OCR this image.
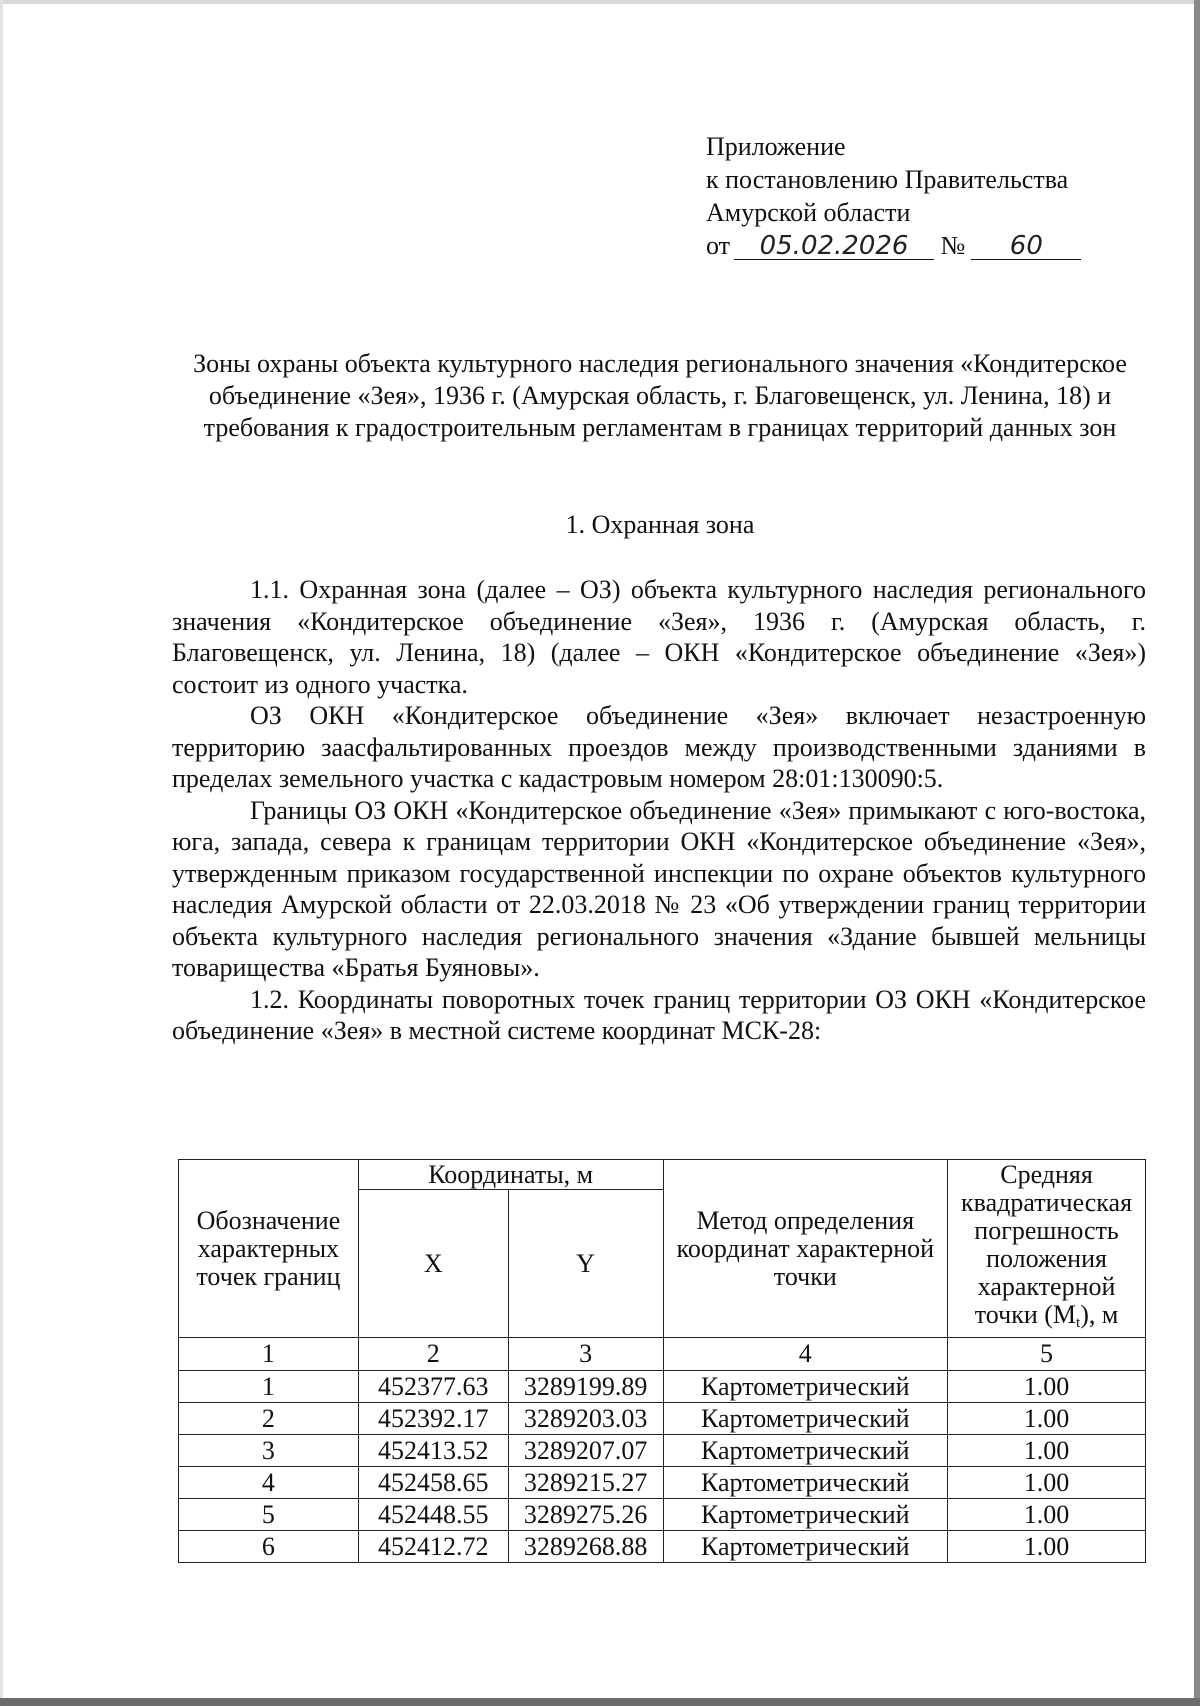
Приложение
к постановлению Правительства
Амурской области
от 05.02.2026 № 60
Зоны охраны объекта культурного наследия регионального значения «Кондитерское объединение «Зея», 1936 г. (Амурская область, г. Благовещенск, ул. Ленина, 18) и требования к градостроительным регламентам в границах территорий данных зон
1. Охранная зона

1.1. Охранная зона (далее – ОЗ) объекта культурного наследия регионального значения «Кондитерское объединение «Зея», 1936 г. (Амурская область, г. Благовещенск, ул. Ленина, 18) (далее – ОКН «Кондитерское объединение «Зея») состоит из одного участка.

ОЗ ОКН «Кондитерское объединение «Зея» включает незастроенную территорию заасфальтированных проездов между производственными зданиями в пределах земельного участка с кадастровым номером 28:01:130090:5.

Границы ОЗ ОКН «Кондитерское объединение «Зея» примыкают с юго-востока, юга, запада, севера к границам территории ОКН «Кондитерское объединение «Зея», утвержденным приказом государственной инспекции по охране объектов культурного наследия Амурской области от 22.03.2018 № 23 «Об утверждении границ территории объекта культурного наследия регионального значения «Здание бывшей мельницы товарищества «Братья Буяновы».

1.2. Координаты поворотных точек границ территории ОЗ ОКН «Кондитерское объединение «Зея» в местной системе координат МСК-28:

Обозначение характерных точек границ	Координаты, м		Метод определения координат характерной точки	Средняя квадратическая погрешность положения характерной точки $(M_t)$, м
	X	Y		
1	2	3	4	5
1	452377.63	3289199.89	Картометрический	1.00
2	452392.17	3289203.03	Картометрический	1.00
3	452413.52	3289207.07	Картометрический	1.00
4	452458.65	3289215.27	Картометрический	1.00
5	452448.55	3289275.26	Картометрический	1.00
6	452412.72	3289268.88	Картометрический	1.00
